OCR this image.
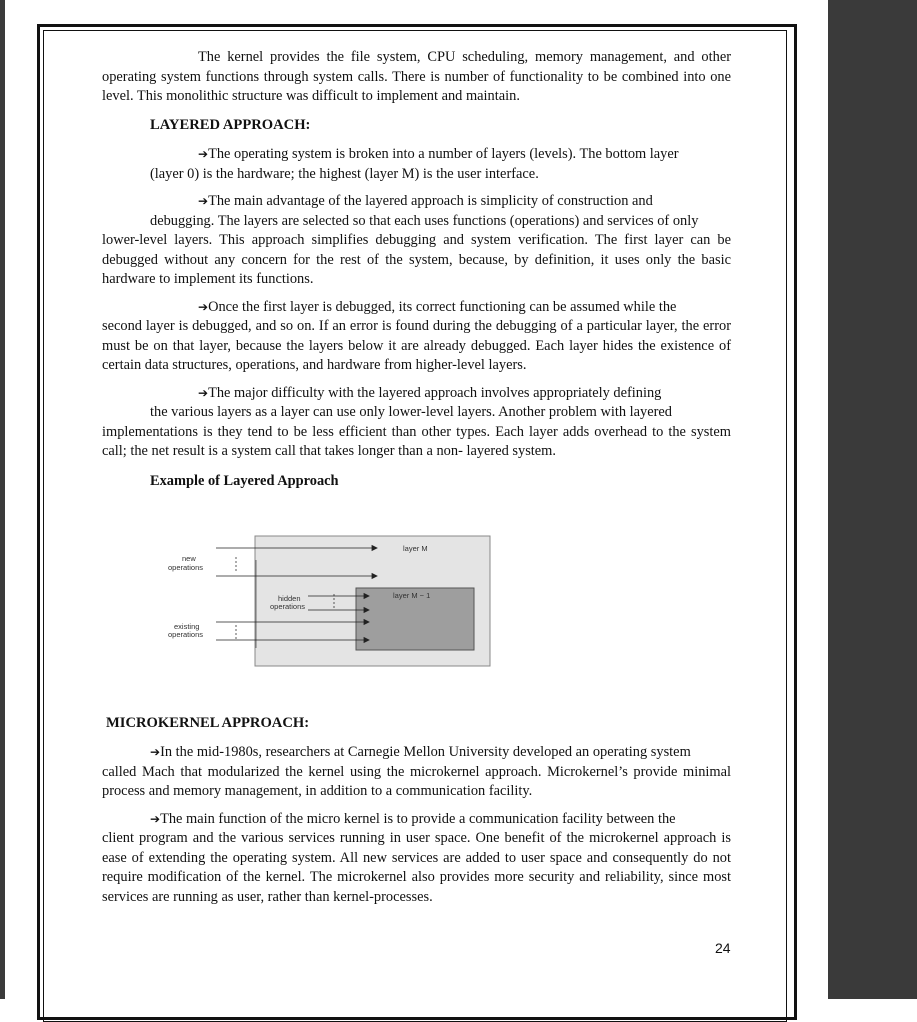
The kernel provides the file system, CPU scheduling, memory management, and other operating system functions through system calls. There is number of functionality to be combined into one level. This monolithic structure was difficult to implement and maintain.

LAYERED APPROACH:

➔The operating system is broken into a number of layers (levels). The bottom layer
(layer 0) is the hardware; the highest (layer M) is the user interface.

➔The main advantage of the layered approach is simplicity of construction and
debugging. The layers are selected so that each uses functions (operations) and services of only
lower-level layers. This approach simplifies debugging and system verification. The first layer can be debugged without any concern for the rest of the system, because, by definition, it uses only the basic hardware to implement its functions.

➔Once the first layer is debugged, its correct functioning can be assumed while the
second layer is debugged, and so on. If an error is found during the debugging of a particular layer, the error must be on that layer, because the layers below it are already debugged. Each layer hides the existence of certain data structures, operations, and hardware from higher-level layers.

➔The major difficulty with the layered approach involves appropriately defining
the various layers as a layer can use only lower-level layers. Another problem with layered
implementations is they tend to be less efficient than other types. Each layer adds overhead to the system call; the net result is a system call that takes longer than a non- layered system.

Example of Layered Approach
layer M
layer M − 1
new
operations
hidden
operations
existing
operations
MICROKERNEL APPROACH:

➔In the mid-1980s, researchers at Carnegie Mellon University developed an operating system
called Mach that modularized the kernel using the microkernel approach. Microkernel’s provide minimal process and memory management, in addition to a communication facility.

➔The main function of the micro kernel is to provide a communication facility between the
client program and the various services running in user space. One benefit of the microkernel approach is ease of extending the operating system. All new services are added to user space and consequently do not require modification of the kernel. The microkernel also provides more security and reliability, since most services are running as user, rather than kernel-processes.

24
